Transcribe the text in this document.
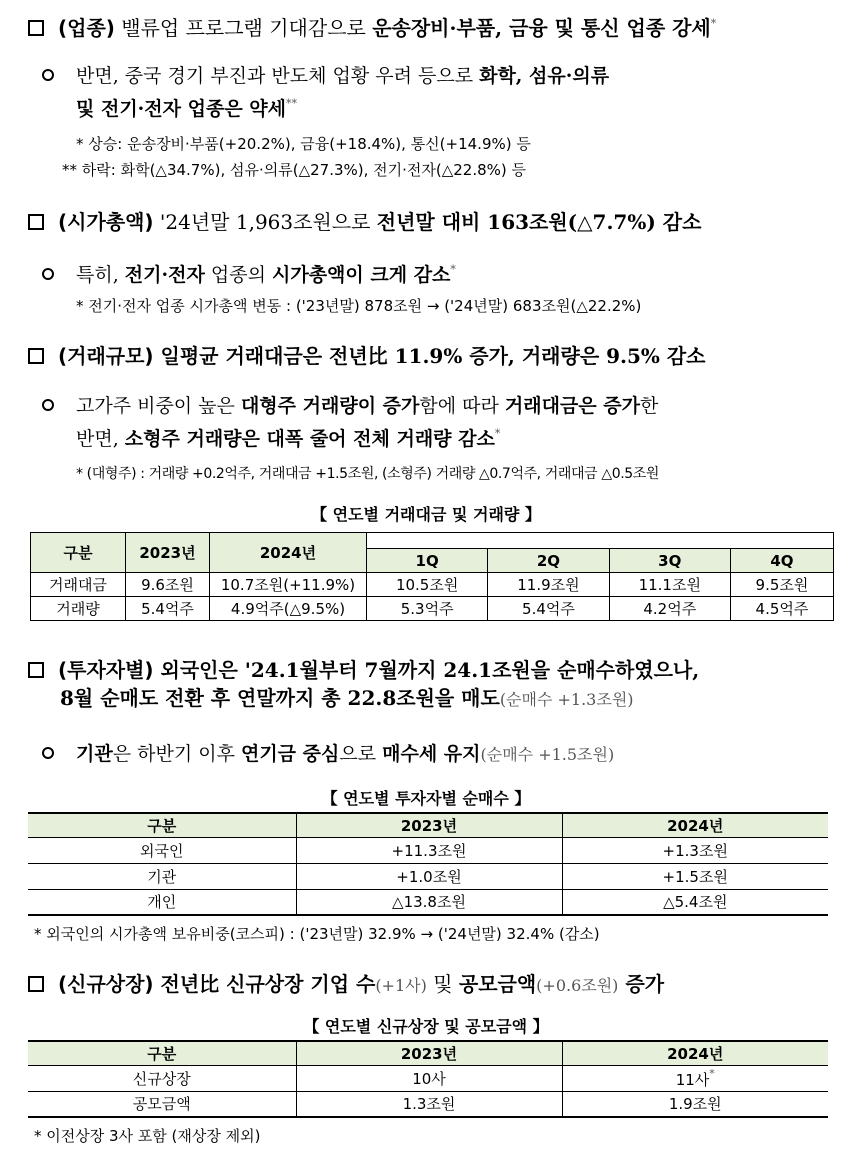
(업종) 밸류업 프로그램 기대감으로 운송장비·부품, 금융 및 통신 업종 강세*
반면, 중국 경기 부진과 반도체 업황 우려 등으로 화학, 섬유·의류
및 전기·전자 업종은 약세**
* 상승: 운송장비·부품(+20.2%), 금융(+18.4%), 통신(+14.9%) 등
** 하락: 화학(△34.7%), 섬유·의류(△27.3%), 전기·전자(△22.8%) 등
(시가총액) '24년말 1,963조원으로 전년말 대비 163조원(△7.7%) 감소
특히, 전기·전자 업종의 시가총액이 크게 감소*
* 전기·전자 업종 시가총액 변동 : ('23년말) 878조원 → ('24년말) 683조원(△22.2%)
(거래규모) 일평균 거래대금은 전년比 11.9% 증가, 거래량은 9.5% 감소
고가주 비중이 높은 대형주 거래량이 증가함에 따라 거래대금은 증가한
반면, 소형주 거래량은 대폭 줄어 전체 거래량 감소*
* (대형주) : 거래량 +0.2억주, 거래대금 +1.5조원, (소형주) 거래량 △0.7억주, 거래대금 △0.5조원
【 연도별 거래대금 및 거래량 】
구분	2023년	2024년				
			1Q	2Q	3Q	4Q
거래대금	9.6조원	10.7조원(+11.9%)	10.5조원	11.9조원	11.1조원	9.5조원
거래량	5.4억주	4.9억주(△9.5%)	5.3억주	5.4억주	4.2억주	4.5억주
(투자자별) 외국인은 '24.1월부터 7월까지 24.1조원을 순매수하였으나,
8월 순매도 전환 후 연말까지 총 22.8조원을 매도(순매수 +1.3조원)
기관은 하반기 이후 연기금 중심으로 매수세 유지(순매수 +1.5조원)
【 연도별 투자자별 순매수 】
구분	2023년	2024년
외국인	+11.3조원	+1.3조원
기관	+1.0조원	+1.5조원
개인	△13.8조원	△5.4조원
* 외국인의 시가총액 보유비중(코스피) : ('23년말) 32.9% → ('24년말) 32.4% (감소)
(신규상장) 전년比 신규상장 기업 수(+1사) 및 공모금액(+0.6조원) 증가
【 연도별 신규상장 및 공모금액 】
구분	2023년	2024년
신규상장	10사	11사*
공모금액	1.3조원	1.9조원
* 이전상장 3사 포함 (재상장 제외)
